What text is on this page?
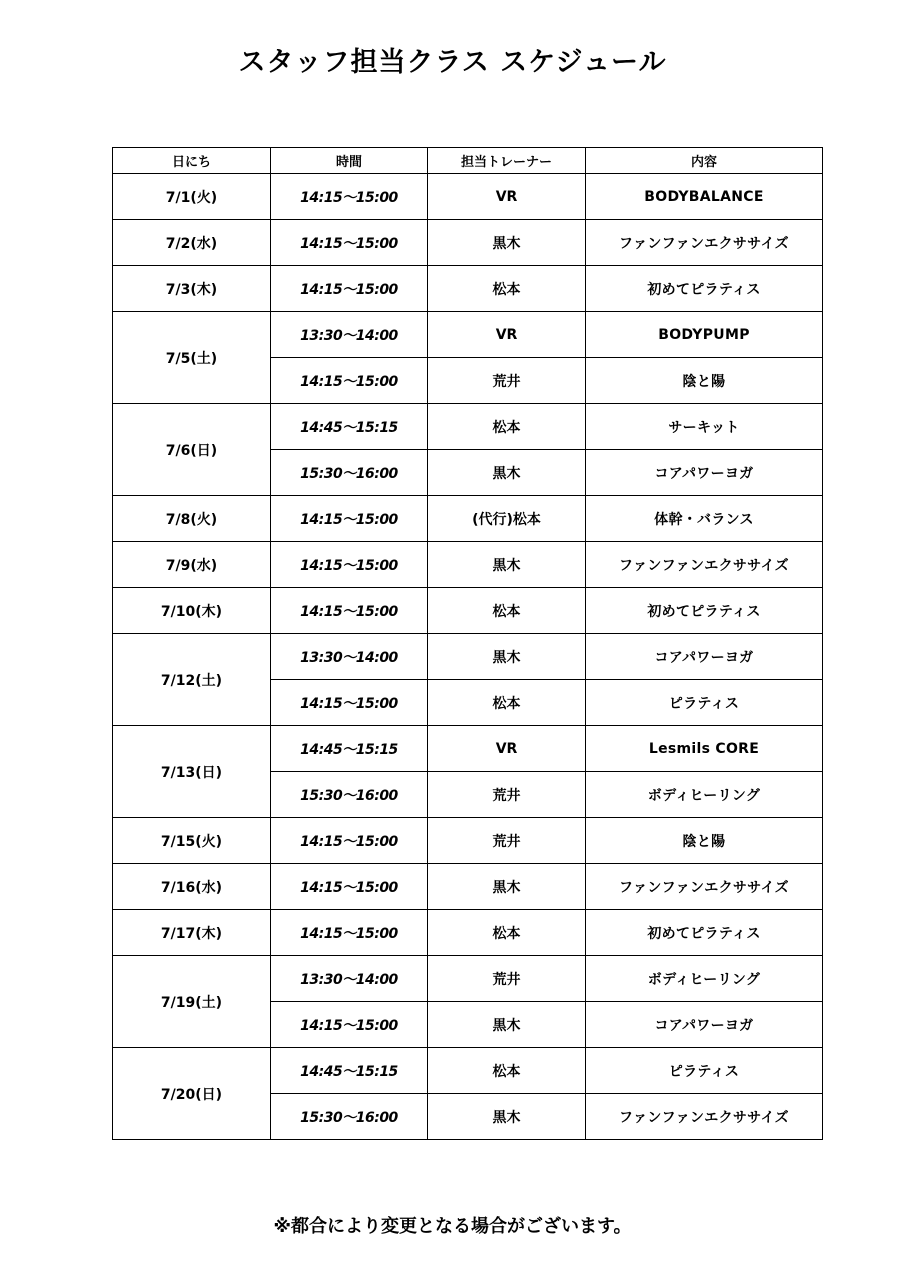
スタッフ担当クラス スケジュール
日にち	時間	担当トレーナー	内容
7/1(火)	14:15～15:00	VR	BODYBALANCE
7/2(水)	14:15～15:00	黒木	ファンファンエクササイズ
7/3(木)	14:15～15:00	松本	初めてピラティス
7/5(土)	13:30～14:00	VR	BODYPUMP
	14:15～15:00	荒井	陰と陽
7/6(日)	14:45～15:15	松本	サーキット
	15:30～16:00	黒木	コアパワーヨガ
7/8(火)	14:15～15:00	(代行)松本	体幹・バランス
7/9(水)	14:15～15:00	黒木	ファンファンエクササイズ
7/10(木)	14:15～15:00	松本	初めてピラティス
7/12(土)	13:30～14:00	黒木	コアパワーヨガ
	14:15～15:00	松本	ピラティス
7/13(日)	14:45～15:15	VR	Lesmils CORE
	15:30～16:00	荒井	ボディヒーリング
7/15(火)	14:15～15:00	荒井	陰と陽
7/16(水)	14:15～15:00	黒木	ファンファンエクササイズ
7/17(木)	14:15～15:00	松本	初めてピラティス
7/19(土)	13:30～14:00	荒井	ボディヒーリング
	14:15～15:00	黒木	コアパワーヨガ
7/20(日)	14:45～15:15	松本	ピラティス
	15:30～16:00	黒木	ファンファンエクササイズ
※都合により変更となる場合がございます。
